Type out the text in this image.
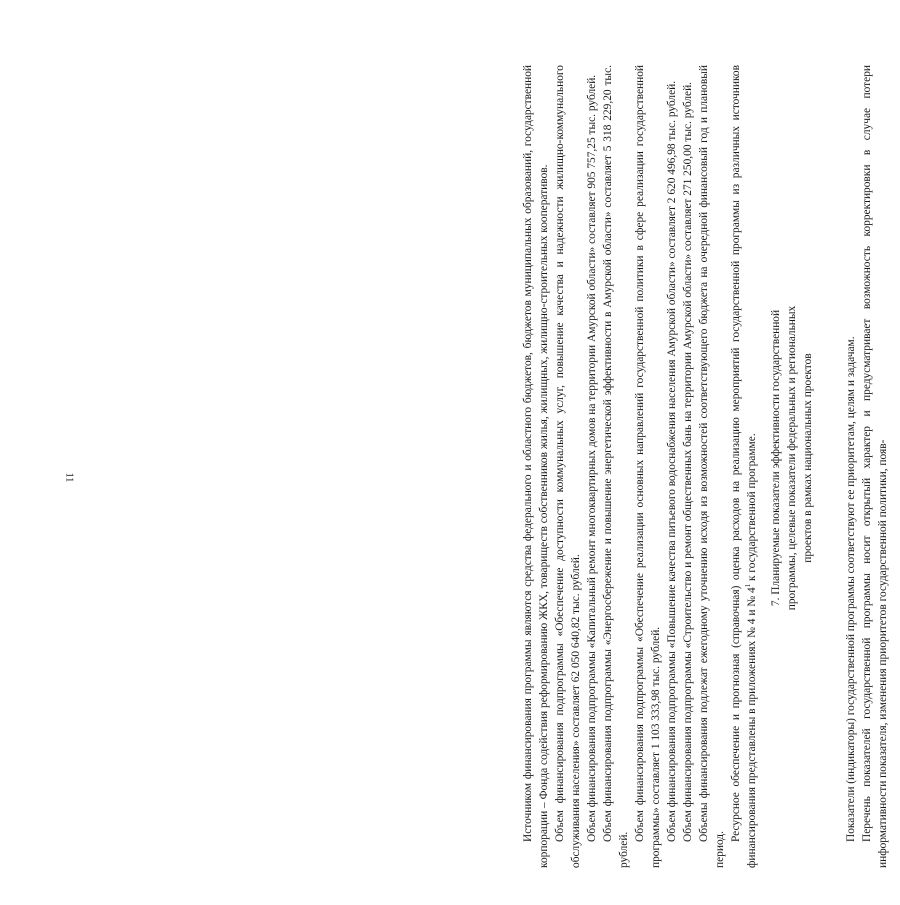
11	Источником финансирования программы являются средства федерального и областного бюджетов, бюджетов муниципальных образований, государственной корпорации – Фонда содействия реформированию ЖКХ, товариществ собственников жилья, жилищных, жилищно-строительных кооперативов. Объем финансирования подпрограммы «Обеспечение доступности коммунальных услуг, повышение качества и надежности жилищно-коммунального обслуживания населения» составляет 62 050 640,82 тыс. рублей. Объем финансирования подпрограммы «Капитальный ремонт многоквартирных домов на территории Амурской области» составляет 905 757,25 тыс. рублей. Объем финансирования подпрограммы «Энергосбережение и повышение энергетической эффективности в Амурской области» составляет 5 318 229,20 тыс. рублей.

Объем финансирования подпрограммы «Обеспечение реализации основных направлений государственной политики в сфере реализации государственной программы» составляет 1 103 333,98 тыс. рублей. Объем финансирования подпрограммы «Повышение качества питьевого водоснабжения населения Амурской области» составляет 2 620 496,98 тыс. рублей. Объем финансирования подпрограммы «Строительство и ремонт общественных бань на территории Амурской области» составляет 271 250,00 тыс. рублей. Объемы финансирования подлежат ежегодному уточнению исходя из возможностей соответствующего бюджета на очередной финансовый год и плановый период.

Ресурсное обеспечение и прогнозная (справочная) оценка расходов на реализацию мероприятий государственной программы из различных источников финансирования представлены в приложениях № 4 и № $4^1$ к государственной программе. 7. Планируемые показатели эффективности государственной программы, целевые показатели федеральных и региональных проектов в рамках национальных проектов	Показатели (индикаторы) государственной программы соответствуют ее приоритетам, целям и задачам. Перечень показателей государственной программы носит открытый характер и предусматривает возможность корректировки в случае потери информативности показателя, изменения приоритетов государственной политики, появ-
